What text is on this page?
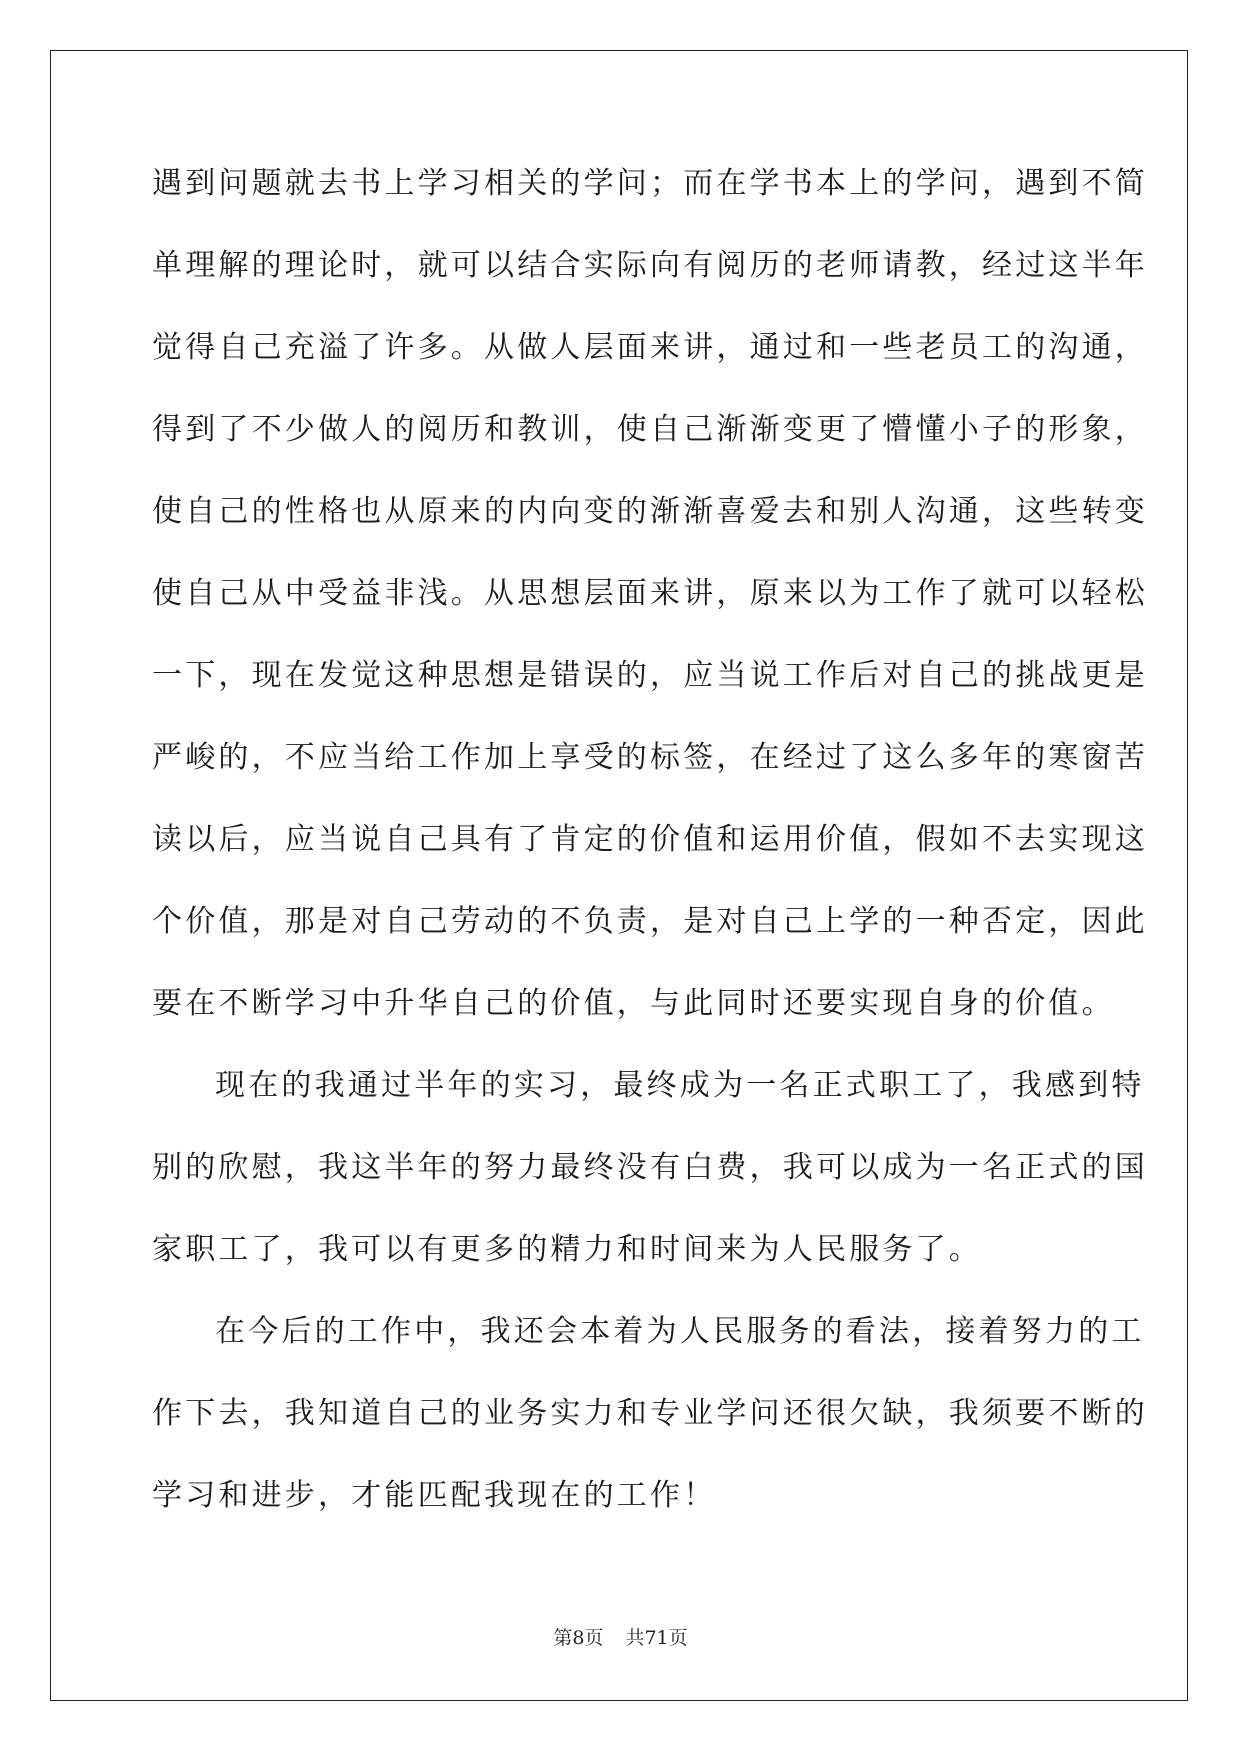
遇到问题就去书上学习相关的学问；而在学书本上的学问，遇到不简
单理解的理论时，就可以结合实际向有阅历的老师请教，经过这半年
觉得自己充溢了许多。从做人层面来讲，通过和一些老员工的沟通，
得到了不少做人的阅历和教训，使自己渐渐变更了懵懂小子的形象，
使自己的性格也从原来的内向变的渐渐喜爱去和别人沟通，这些转变
使自己从中受益非浅。从思想层面来讲，原来以为工作了就可以轻松
一下，现在发觉这种思想是错误的，应当说工作后对自己的挑战更是
严峻的，不应当给工作加上享受的标签，在经过了这么多年的寒窗苦
读以后，应当说自己具有了肯定的价值和运用价值，假如不去实现这
个价值，那是对自己劳动的不负责，是对自己上学的一种否定，因此
要在不断学习中升华自己的价值，与此同时还要实现自身的价值。
现在的我通过半年的实习，最终成为一名正式职工了，我感到特
别的欣慰，我这半年的努力最终没有白费，我可以成为一名正式的国
家职工了，我可以有更多的精力和时间来为人民服务了。
在今后的工作中，我还会本着为人民服务的看法，接着努力的工
作下去，我知道自己的业务实力和专业学问还很欠缺，我须要不断的
学习和进步，才能匹配我现在的工作！
第8页 共71页
